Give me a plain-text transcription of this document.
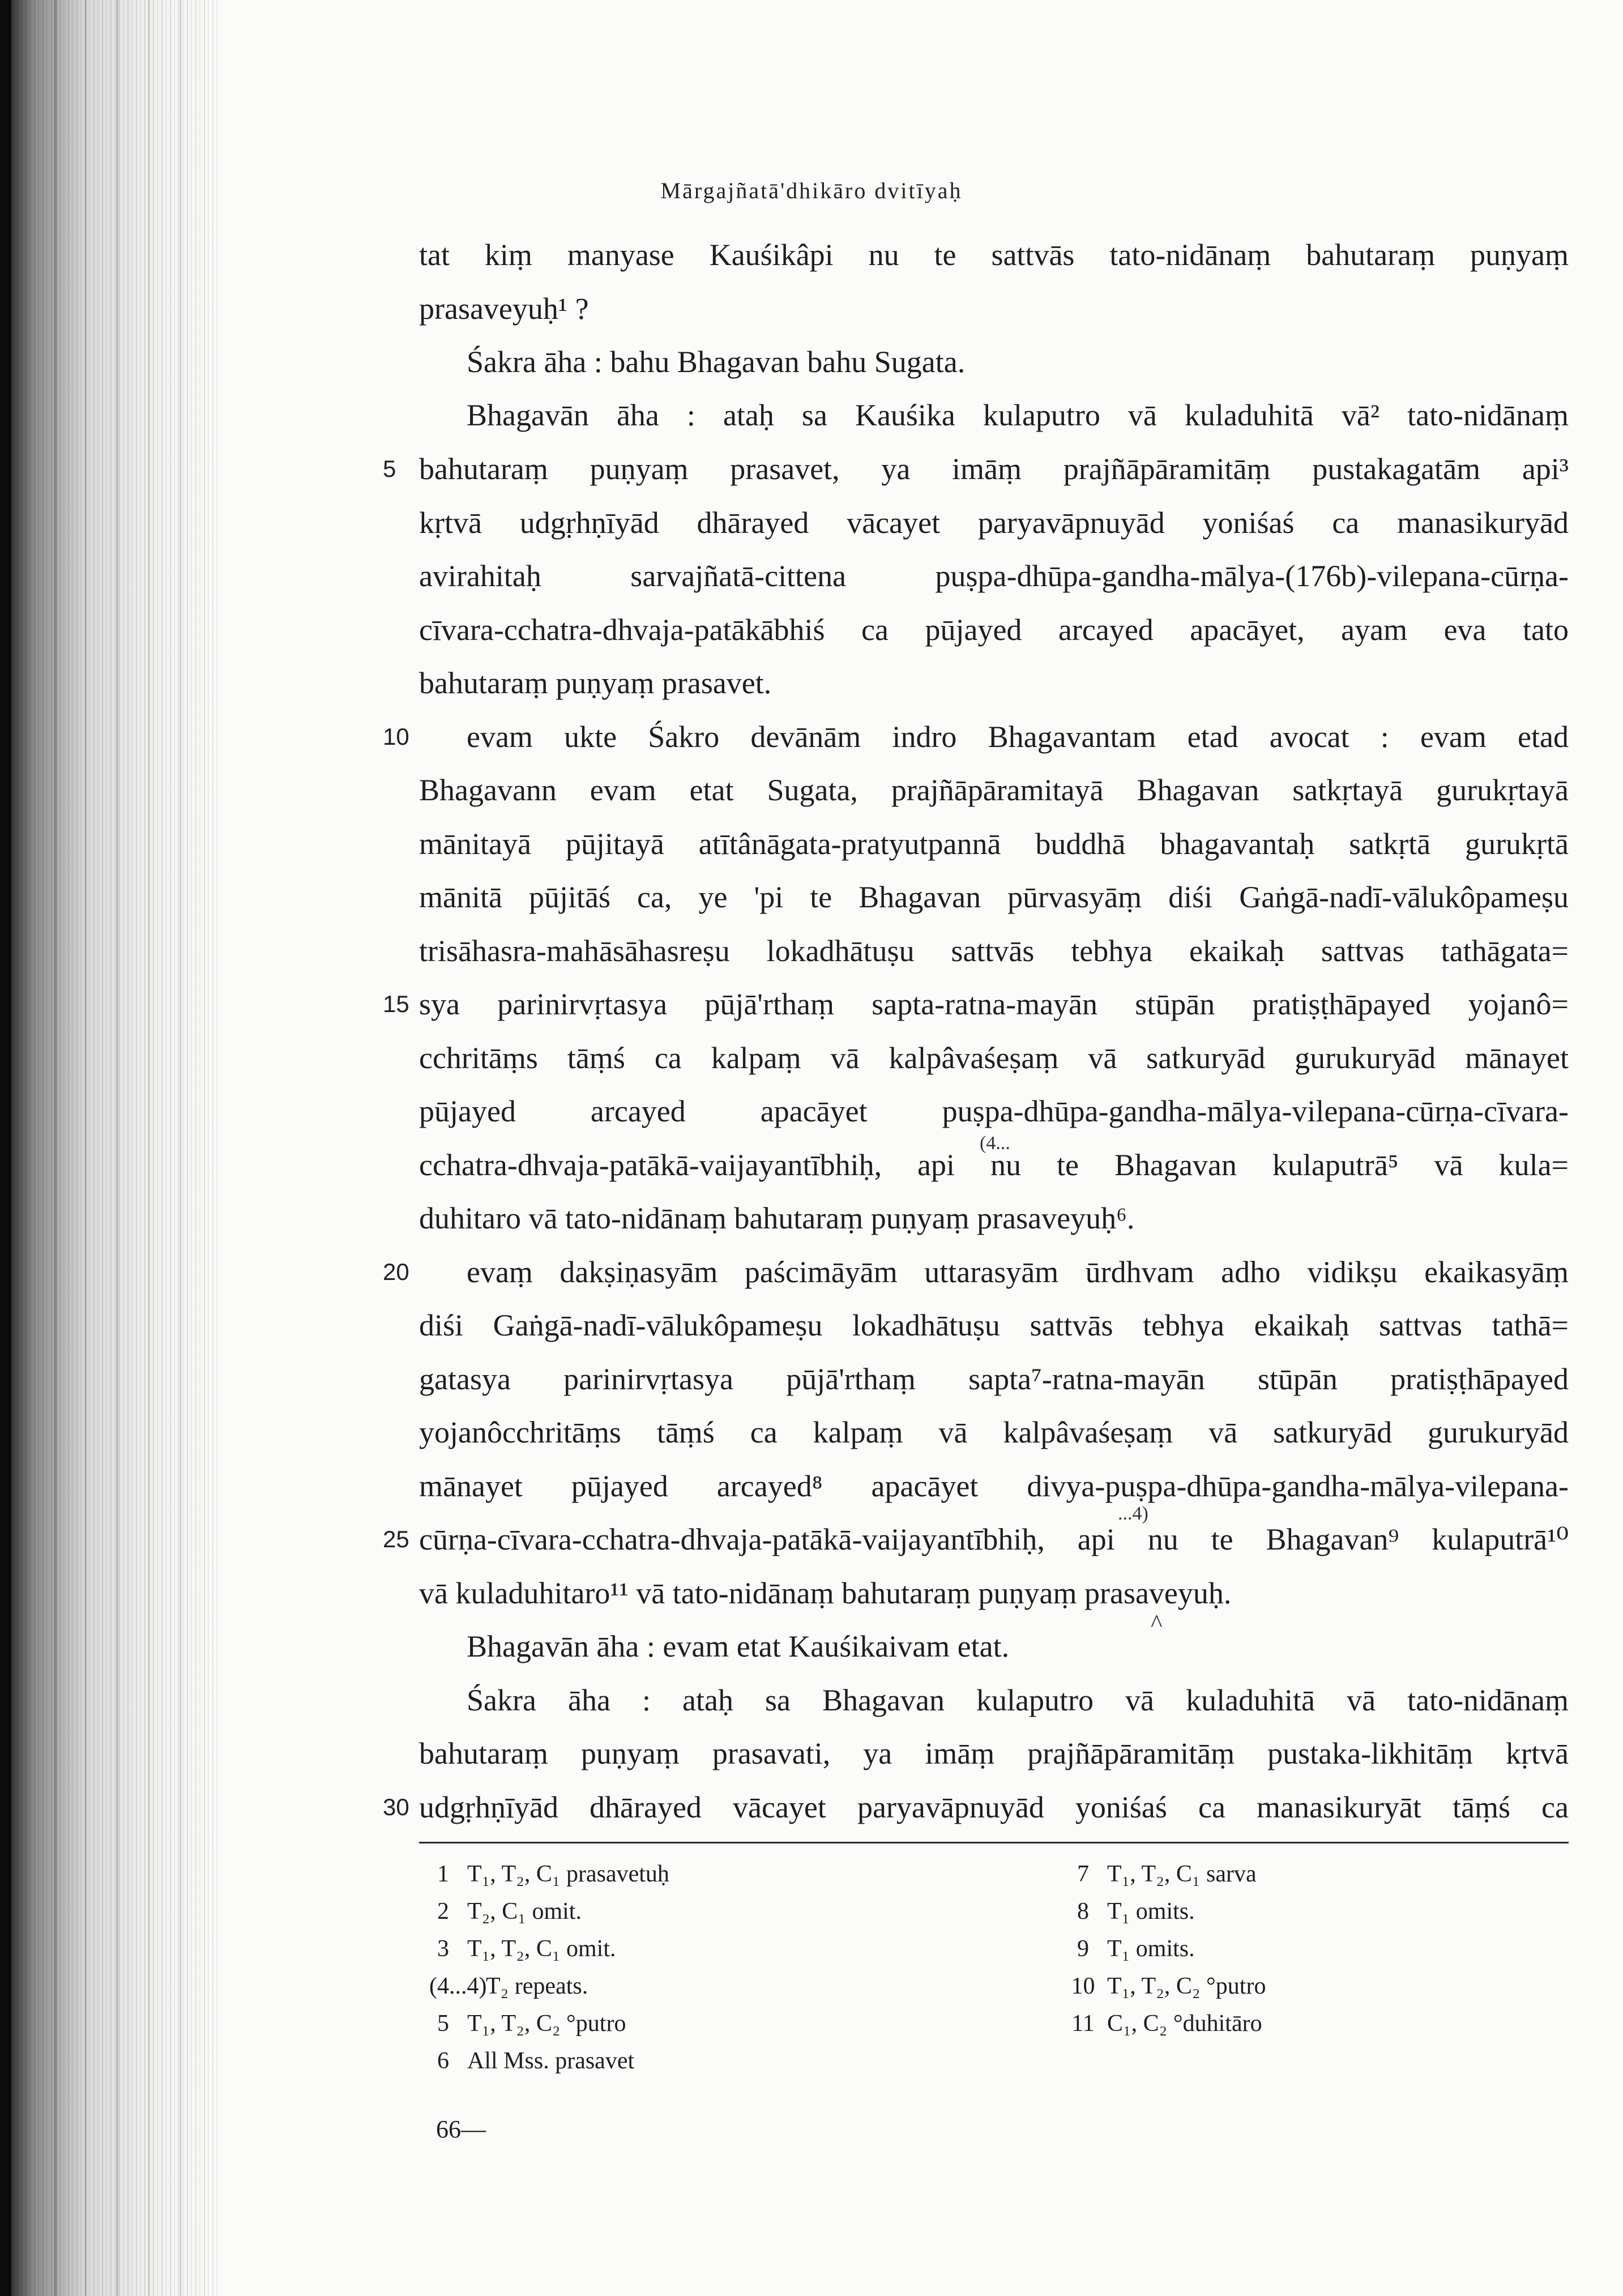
Mārgajñatā'dhikāro dvitīyaḥ
tat kiṃ manyase Kauśikâpi nu te sattvās tato-nidānaṃ bahutaraṃ puṇyaṃ
prasaveyuḥ¹ ?
Śakra āha : bahu Bhagavan bahu Sugata.
Bhagavān āha : ataḥ sa Kauśika kulaputro vā kuladuhitā vā² tato-nidānaṃ
bahutaraṃ puṇyaṃ prasavet, ya imāṃ prajñāpāramitāṃ pustakagatām api³
kṛtvā udgṛhṇīyād dhārayed vācayet paryavāpnuyād yoniśaś ca manasikuryād
avirahitaḥ sarvajñatā-cittena puṣpa-dhūpa-gandha-mālya-(176b)-vilepana-cūrṇa-
cīvara-cchatra-dhvaja-patākābhiś ca pūjayed arcayed apacāyet, ayam eva tato
bahutaraṃ puṇyaṃ prasavet.
evam ukte Śakro devānām indro Bhagavantam etad avocat : evam etad
Bhagavann evam etat Sugata, prajñāpāramitayā Bhagavan satkṛtayā gurukṛtayā
mānitayā pūjitayā atītânāgata-pratyutpannā buddhā bhagavantaḥ satkṛtā gurukṛtā
mānitā pūjitāś ca, ye 'pi te Bhagavan pūrvasyāṃ diśi Gaṅgā-nadī-vālukôpameṣu
trisāhasra-mahāsāhasreṣu lokadhātuṣu sattvās tebhya ekaikaḥ sattvas tathāgata=
sya parinirvṛtasya pūjā'rthaṃ sapta-ratna-mayān stūpān pratiṣṭhāpayed yojanô=
cchritāṃs tāṃś ca kalpaṃ vā kalpâvaśeṣaṃ vā satkuryād gurukuryād mānayet
pūjayed arcayed apacāyet puṣpa-dhūpa-gandha-mālya-vilepana-cūrṇa-cīvara-
cchatra-dhvaja-patākā-vaijayantībhiḥ, api nu te Bhagavan kulaputrā⁵ vā kula=
duhitaro vā tato-nidānaṃ bahutaraṃ puṇyaṃ prasaveyuḥ⁶.
evaṃ dakṣiṇasyām paścimāyām uttarasyām ūrdhvam adho vidikṣu ekaikasyāṃ
diśi Gaṅgā-nadī-vālukôpameṣu lokadhātuṣu sattvās tebhya ekaikaḥ sattvas tathā=
gatasya parinirvṛtasya pūjā'rthaṃ sapta⁷-ratna-mayān stūpān pratiṣṭhāpayed
yojanôcchritāṃs tāṃś ca kalpaṃ vā kalpâvaśeṣaṃ vā satkuryād gurukuryād
mānayet pūjayed arcayed⁸ apacāyet divya-puṣpa-dhūpa-gandha-mālya-vilepana-
cūrṇa-cīvara-cchatra-dhvaja-patākā-vaijayantībhiḥ, api nu te Bhagavan⁹ kulaputrā¹⁰
vā kuladuhitaro¹¹ vā tato-nidānaṃ bahutaraṃ puṇyaṃ prasaveyuḥ.
Bhagavān āha : evam etat Kauśikaivam etat.
Śakra āha : ataḥ sa Bhagavan kulaputro vā kuladuhitā vā tato-nidānaṃ
bahutaraṃ puṇyaṃ prasavati, ya imāṃ prajñāpāramitāṃ pustaka-likhitāṃ kṛtvā
udgṛhṇīyād dhārayed vācayet paryavāpnuyād yoniśaś ca manasikuryāt tāṃś ca
5
10
15
20
25
30
(4...
...4)
^
1 T₁, T₂, C₁ prasavetuḥ
2 T₂, C₁ omit.
3 T₁, T₂, C₁ omit.
(4...4)T₂ repeats.
5 T₁, T₂, C₂ °putro
6 All Mss. prasavet
7 T₁, T₂, C₁ sarva
8 T₁ omits.
9 T₁ omits.
10 T₁, T₂, C₂ °putro
11 C₁, C₂ °duhitāro
66—
